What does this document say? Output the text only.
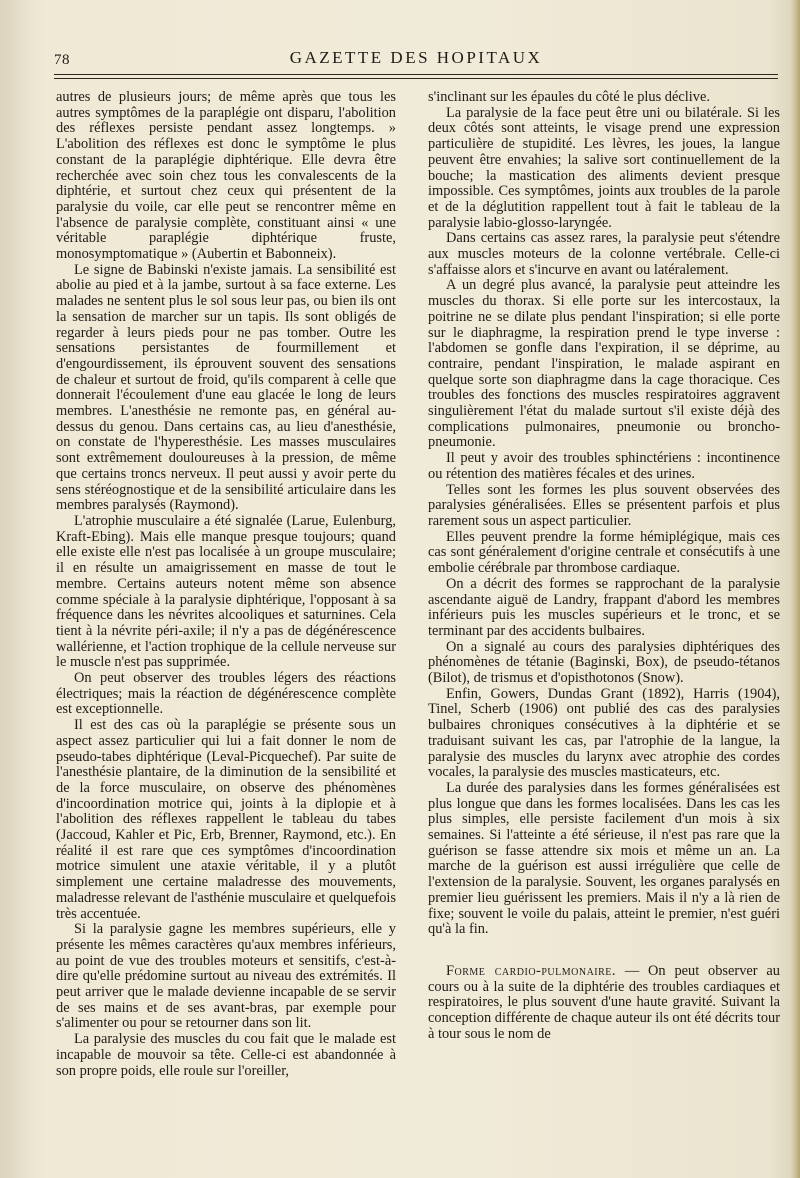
78	GAZETTE DES HOPITAUX

autres de plusieurs jours; de même après que tous les autres symptômes de la paraplégie ont disparu, l'abolition des réflexes persiste pendant assez longtemps. » L'abolition des réflexes est donc le symptôme le plus constant de la paraplégie diphtérique. Elle devra être recherchée avec soin chez tous les convalescents de la diphtérie, et surtout chez ceux qui présentent de la paralysie du voile, car elle peut se rencontrer même en l'absence de paralysie complète, constituant ainsi « une véritable paraplégie diphtérique fruste, monosymptomatique » (Aubertin et Babonneix).

Le signe de Babinski n'existe jamais. La sensibilité est abolie au pied et à la jambe, surtout à sa face externe. Les malades ne sentent plus le sol sous leur pas, ou bien ils ont la sensation de marcher sur un tapis. Ils sont obligés de regarder à leurs pieds pour ne pas tomber. Outre les sensations persistantes de fourmillement et d'engourdissement, ils éprouvent souvent des sensations de chaleur et surtout de froid, qu'ils comparent à celle que donnerait l'écoulement d'une eau glacée le long de leurs membres. L'anesthésie ne remonte pas, en général au-dessus du genou. Dans certains cas, au lieu d'anesthésie, on constate de l'hyperesthésie. Les masses musculaires sont extrêmement douloureuses à la pression, de même que certains troncs nerveux. Il peut aussi y avoir perte du sens stéréognostique et de la sensibilité articulaire dans les membres paralysés (Raymond).

L'atrophie musculaire a été signalée (Larue, Eulenburg, Kraft-Ebing). Mais elle manque presque toujours; quand elle existe elle n'est pas localisée à un groupe musculaire; il en résulte un amaigrissement en masse de tout le membre. Certains auteurs notent même son absence comme spéciale à la paralysie diphtérique, l'opposant à sa fréquence dans les névrites alcooliques et saturnines. Cela tient à la névrite péri-axile; il n'y a pas de dégénérescence wallérienne, et l'action trophique de la cellule nerveuse sur le muscle n'est pas supprimée.

On peut observer des troubles légers des réactions électriques; mais la réaction de dégénérescence complète est exceptionnelle.

Il est des cas où la paraplégie se présente sous un aspect assez particulier qui lui a fait donner le nom de pseudo-tabes diphtérique (Leval-Picquechef). Par suite de l'anesthésie plantaire, de la diminution de la sensibilité et de la force musculaire, on observe des phénomènes d'incoordination motrice qui, joints à la diplopie et à l'abolition des réflexes rappellent le tableau du tabes (Jaccoud, Kahler et Pic, Erb, Brenner, Raymond, etc.). En réalité il est rare que ces symptômes d'incoordination motrice simulent une ataxie véritable, il y a plutôt simplement une certaine maladresse des mouvements, maladresse relevant de l'asthénie musculaire et quelquefois très accentuée.

Si la paralysie gagne les membres supérieurs, elle y présente les mêmes caractères qu'aux membres inférieurs, au point de vue des troubles moteurs et sensitifs, c'est-à-dire qu'elle prédomine surtout au niveau des extrémités. Il peut arriver que le malade devienne incapable de se servir de ses mains et de ses avant-bras, par exemple pour s'alimenter ou pour se retourner dans son lit.

La paralysie des muscles du cou fait que le malade est incapable de mouvoir sa tête. Celle-ci est abandonnée à son propre poids, elle roule sur l'oreiller,

s'inclinant sur les épaules du côté le plus déclive.

La paralysie de la face peut être uni ou bilatérale. Si les deux côtés sont atteints, le visage prend une expression particulière de stupidité. Les lèvres, les joues, la langue peuvent être envahies; la salive sort continuellement de la bouche; la mastication des aliments devient presque impossible. Ces symptômes, joints aux troubles de la parole et de la déglutition rappellent tout à fait le tableau de la paralysie labio-glosso-laryngée.

Dans certains cas assez rares, la paralysie peut s'étendre aux muscles moteurs de la colonne vertébrale. Celle-ci s'affaisse alors et s'incurve en avant ou latéralement.

A un degré plus avancé, la paralysie peut atteindre les muscles du thorax. Si elle porte sur les intercostaux, la poitrine ne se dilate plus pendant l'inspiration; si elle porte sur le diaphragme, la respiration prend le type inverse : l'abdomen se gonfle dans l'expiration, il se déprime, au contraire, pendant l'inspiration, le malade aspirant en quelque sorte son diaphragme dans la cage thoracique. Ces troubles des fonctions des muscles respiratoires aggravent singulièrement l'état du malade surtout s'il existe déjà des complications pulmonaires, pneumonie ou broncho-pneumonie.

Il peut y avoir des troubles sphinctériens : incontinence ou rétention des matières fécales et des urines.

Telles sont les formes les plus souvent observées des paralysies généralisées. Elles se présentent parfois et plus rarement sous un aspect particulier.

Elles peuvent prendre la forme hémiplégique, mais ces cas sont généralement d'origine centrale et consécutifs à une embolie cérébrale par thrombose cardiaque.

On a décrit des formes se rapprochant de la paralysie ascendante aiguë de Landry, frappant d'abord les membres inférieurs puis les muscles supérieurs et le tronc, et se terminant par des accidents bulbaires.

On a signalé au cours des paralysies diphtériques des phénomènes de tétanie (Baginski, Box), de pseudo-tétanos (Bilot), de trismus et d'opisthotonos (Snow).

Enfin, Gowers, Dundas Grant (1892), Harris (1904), Tinel, Scherb (1906) ont publié des cas des paralysies bulbaires chroniques consécutives à la diphtérie et se traduisant suivant les cas, par l'atrophie de la langue, la paralysie des muscles du larynx avec atrophie des cordes vocales, la paralysie des muscles masticateurs, etc.

La durée des paralysies dans les formes généralisées est plus longue que dans les formes localisées. Dans les cas les plus simples, elle persiste facilement d'un mois à six semaines. Si l'atteinte a été sérieuse, il n'est pas rare que la guérison se fasse attendre six mois et même un an. La marche de la guérison est aussi irrégulière que celle de l'extension de la paralysie. Souvent, les organes paralysés en premier lieu guérissent les premiers. Mais il n'y a là rien de fixe; souvent le voile du palais, atteint le premier, n'est guéri qu'à la fin.

Forme cardio-pulmonaire. — On peut observer au cours ou à la suite de la diphtérie des troubles cardiaques et respiratoires, le plus souvent d'une haute gravité. Suivant la conception différente de chaque auteur ils ont été décrits tour à tour sous le nom de
